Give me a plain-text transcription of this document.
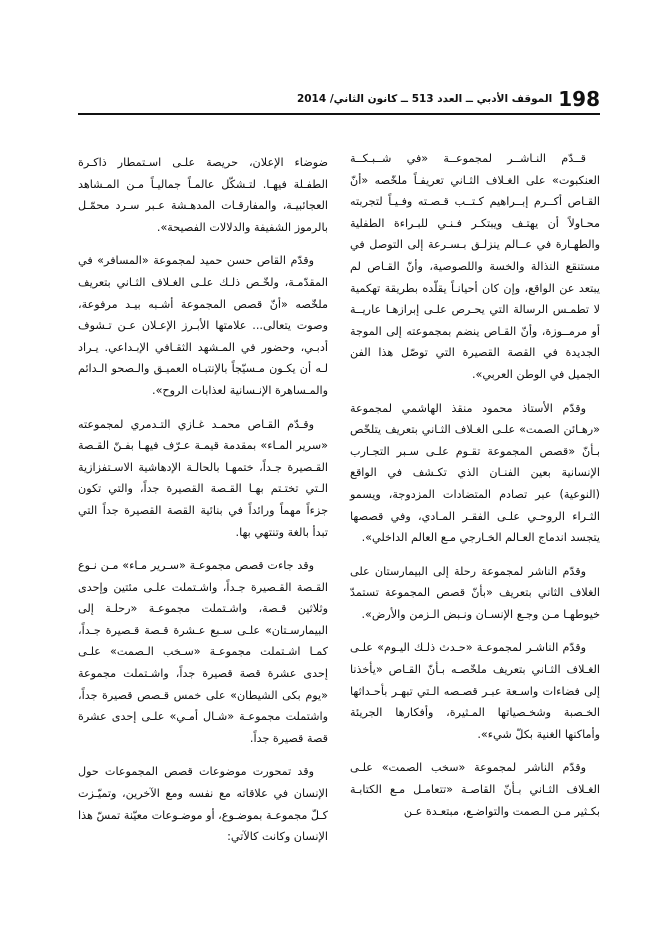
198
الموقف الأدبي ــ العدد 513 ــ كانون الثاني/ 2014

قــدّم النـاشــر لمجموعــة «في شــبـكــة العنكبوت» على الغـلاف الثـاني تعريفـاً ملخّصه «أنّ القـاص أكــرم إبــراهيم كـتــب قـصـته وفـيـاً لتجربته محـاولاً أن يهتـف ويبتكـر فـنـي للبـراءة الطفلية والطهـارة في عــالم ينزلـق بـسـرعة إلى التوصل في مستنقع النذالة والخسة واللصوصية، وأنّ القـاص لم يبتعد عن الواقع، وإن كان أحيانـاً يقلّده بطريقة تهكمية لا تطمـس الرسالة التي يحـرص علـى إبرازهـا عاريــة أو مرمــوزة، وأنّ القـاص ينضم بمجموعته إلى الموجة الجديدة في القصة القصيرة التي توصّل هذا الفن الجميل في الوطن العربي».

وقدّم الأستاذ محمود منقذ الهاشمي لمجموعة «رهـائن الصمت» علـى الغـلاف الثـاني بتعريف يتلخّص بـأنّ «قصص المجموعة تقـوم علـى سـبر التجـارب الإنسانية بعين الفنـان الذي تكـشف في الواقع (النوعية) عبر تصادم المتضادات المزدوجة، ويسمو الثـراء الروحـي علـى الفقـر المـادي، وفي قصصها يتجسد اندماج العـالم الخـارجي مـع العالم الداخلي».

وقدّم الناشر لمجموعة رحلة إلى البيمارستان على الغلاف الثاني بتعريف «بأنّ قصص المجموعة تستمدّ خيوطهـا مـن وجـع الإنسـان ونـبض الـزمن والأرض».

وقدّم الناشـر لمجموعـة «حـدث ذلـك اليـوم» علـى الغـلاف الثـاني بتعريف ملخّصـه بـأنّ القـاص «يأخذنا إلى فضاءات واسـعة عبـر قصـصه الـتي تبهـر بأحـداثها الخـصبة وشخـصياتها المـثيرة، وأفكارها الجريئة وأماكنها الغنية بكلّ شيء».

وقدّم الناشر لمجموعة «سخب الصمت» علـى الغـلاف الثـاني بـأنّ القاصـة «تتعامـل مـع الكتابـة بكـثير مـن الـصمت والتواضـع، مبتعـدة عـن

ضوضاء الإعلان، حريصة علـى اسـتمطار ذاكـرة الطفـلة فيهـا. لتـشكّل عالمـاً جماليـاً مـن المـشاهد العجائبيـة، والمفارقـات المدهـشة عـبر سـرد محمّـل بالرموز الشفيفة والدلالات الفصيحة».

وقدّم القاص حسن حميد لمجموعة «المسافر» في المقدّمـة، ولخّـص ذلـك علـى الغـلاف الثـاني بتعريف ملخّصه «أنّ قصص المجموعة أشـبه بيـد مرفوعة، وصوت يتعالى... علامتها الأبـرز الإعـلان عـن تـشوف أدبـي، وحضور في المـشهد الثقـافي الإبـداعي. يـراد لـه أن يكـون مـسيّجاً بالإنتبـاه العميـق والـصحو الـدائم والمـساهرة الإنـسانية لعذابات الروح».

وقـدّم القـاص محمـد غـازي التـدمري لمجموعته «سرير المـاء» بمقدمة قيمـة عـرّف فيهـا بفـنّ القـصة القـصيرة جـداً، ختمهـا بالحالـة الإدهاشية الاسـتفزازية الـتي تختـتم بهـا القـصة القصيرة جداً، والتي تكون جزءاً مهماً ورائداً في بنائية القصة القصيرة جداً التي تبدأ بالغة وتنتهي بها.

وقد جاءت قصص مجموعـة «سـرير مـاء» مـن نـوع القـصة القـصيرة جـداً، واشـتملت علـى مئتين وإحدى وثلاثين قـصة، واشـتملت مجموعـة «رحلـة إلى البيمارسـتان» علـى سـبع عـشرة قـصة قـصيرة جـداً، كمـا اشـتملت مجموعـة «سـخب الـصمت» علـى إحدى عشرة قصة قصيرة جداً، واشـتملت مجموعة «يوم بكى الشيطان» على خمس قـصص قصيرة جداً، واشتملت مجموعـة «شـال أمـي» علـى إحدى عشرة قصة قصيرة جداً.

وقد تمحورت موضوعات قصص المجموعات حول الإنسان في علاقاته مع نفسه ومع الآخرين، وتميّـزت كـلّ مجموعـة بموضـوع، أو موضـوعات معيّنة تمسّ هذا الإنسان وكانت كالآتي:
